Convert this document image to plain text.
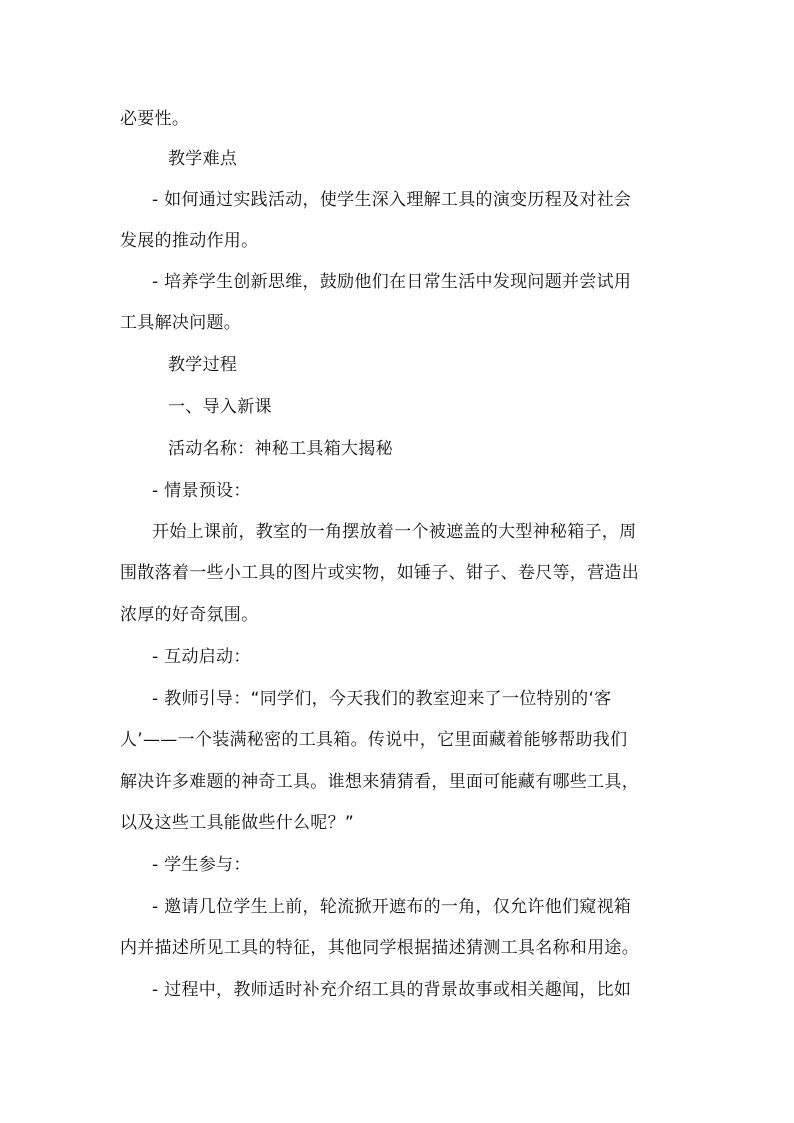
必要性。
教学难点
- 如何通过实践活动，使学生深入理解工具的演变历程及对社会
发展的推动作用。
- 培养学生创新思维，鼓励他们在日常生活中发现问题并尝试用
工具解决问题。
教学过程
一、导入新课
活动名称：神秘工具箱大揭秘
- 情景预设：
开始上课前，教室的一角摆放着一个被遮盖的大型神秘箱子，周
围散落着一些小工具的图片或实物，如锤子、钳子、卷尺等，营造出
浓厚的好奇氛围。
- 互动启动：
- 教师引导：“同学们，今天我们的教室迎来了一位特别的‘客
人’——一个装满秘密的工具箱。传说中，它里面藏着能够帮助我们
解决许多难题的神奇工具。谁想来猜猜看，里面可能藏有哪些工具，
以及这些工具能做些什么呢？”
- 学生参与：
- 邀请几位学生上前，轮流掀开遮布的一角，仅允许他们窥视箱
内并描述所见工具的特征，其他同学根据描述猜测工具名称和用途。
- 过程中，教师适时补充介绍工具的背景故事或相关趣闻，比如
